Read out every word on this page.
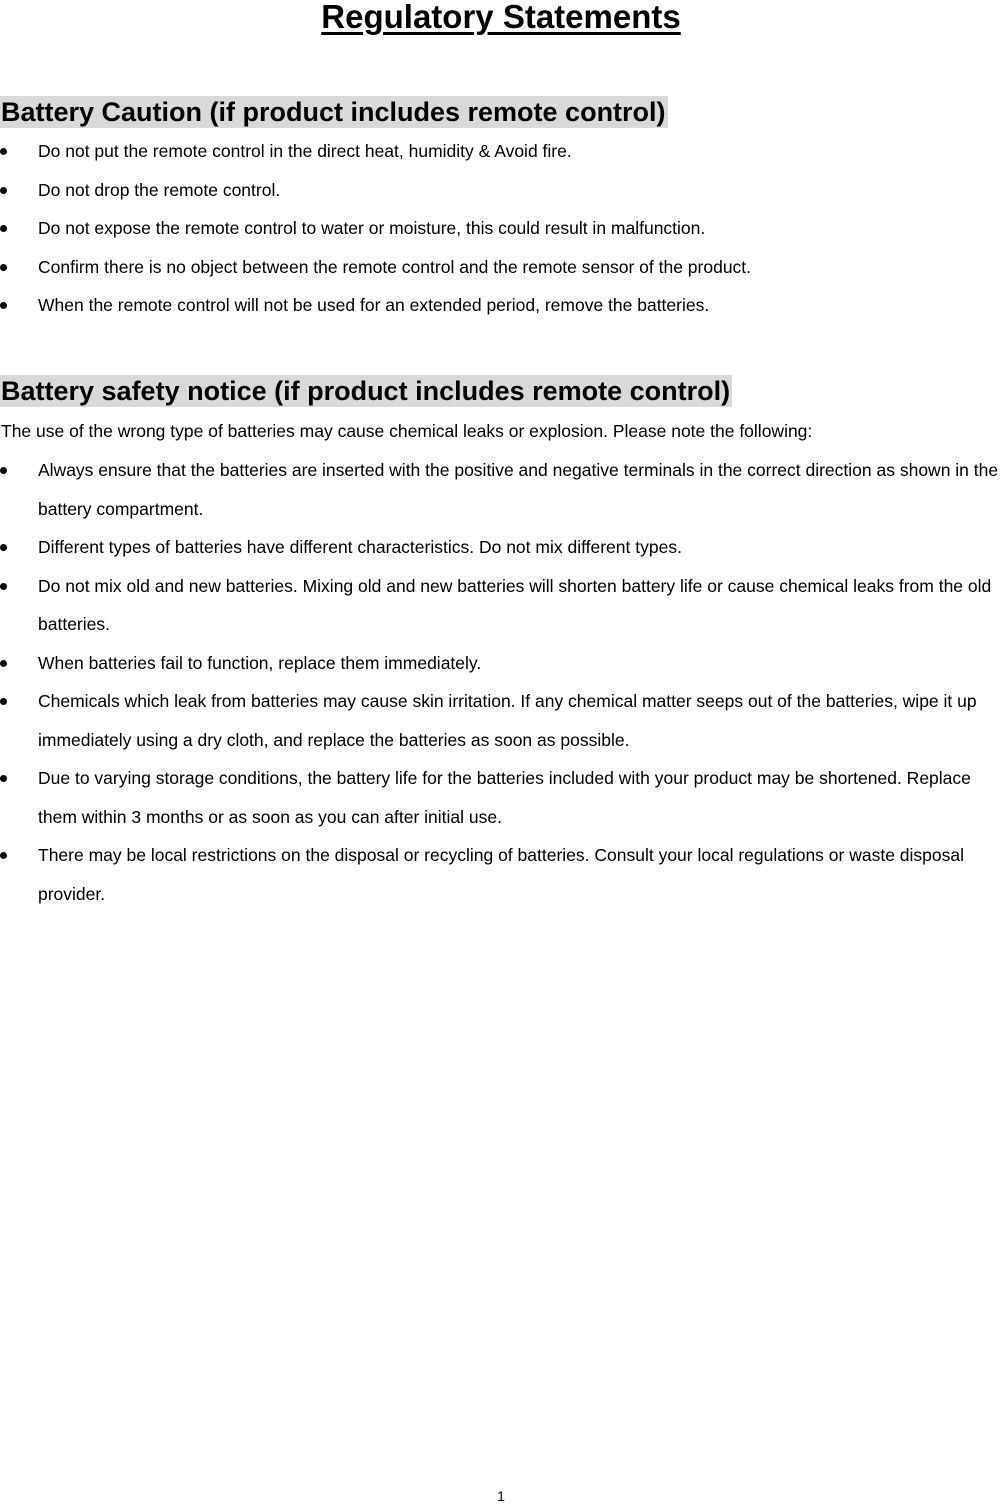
Regulatory Statements
Battery Caution (if product includes remote control)
Do not put the remote control in the direct heat, humidity & Avoid fire.
Do not drop the remote control.
Do not expose the remote control to water or moisture, this could result in malfunction.
Confirm there is no object between the remote control and the remote sensor of the product.
When the remote control will not be used for an extended period, remove the batteries.
Battery safety notice (if product includes remote control)

The use of the wrong type of batteries may cause chemical leaks or explosion. Please note the following:

Always ensure that the batteries are inserted with the positive and negative terminals in the correct direction as shown in the battery compartment.
Different types of batteries have different characteristics. Do not mix different types.
Do not mix old and new batteries. Mixing old and new batteries will shorten battery life or cause chemical leaks from the old batteries.
When batteries fail to function, replace them immediately.
Chemicals which leak from batteries may cause skin irritation. If any chemical matter seeps out of the batteries, wipe it up immediately using a dry cloth, and replace the batteries as soon as possible.
Due to varying storage conditions, the battery life for the batteries included with your product may be shortened. Replace them within 3 months or as soon as you can after initial use.
There may be local restrictions on the disposal or recycling of batteries. Consult your local regulations or waste disposal provider.

1
